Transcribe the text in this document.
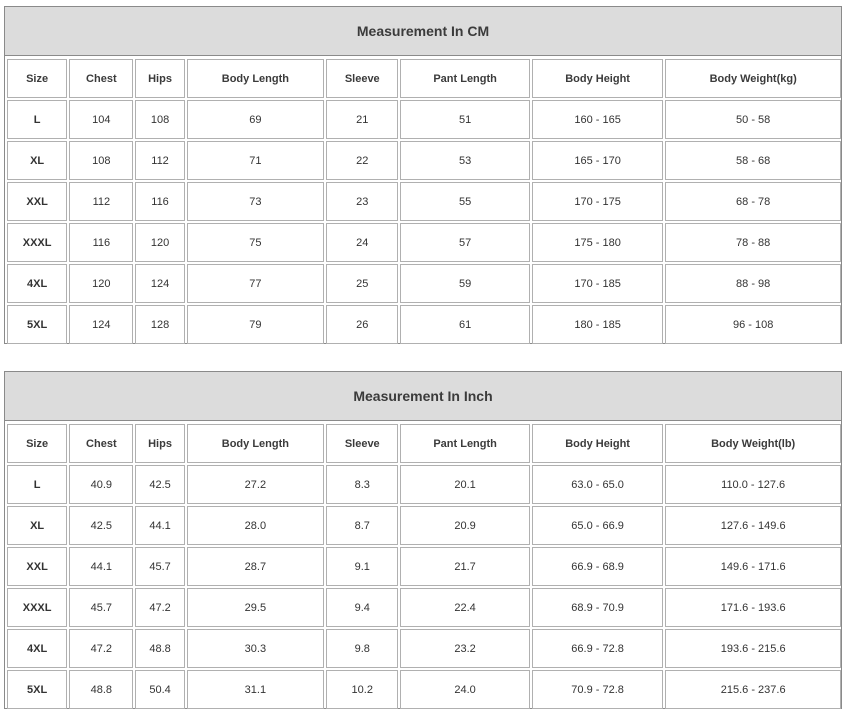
Measurement In CM
Size	Chest	Hips	Body Length	Sleeve	Pant Length	Body Height	Body Weight(kg)
L	104	108	69	21	51	160 - 165	50 - 58
XL	108	112	71	22	53	165 - 170	58 - 68
XXL	112	116	73	23	55	170 - 175	68 - 78
XXXL	116	120	75	24	57	175 - 180	78 - 88
4XL	120	124	77	25	59	170 - 185	88 - 98
5XL	124	128	79	26	61	180 - 185	96 - 108
Measurement In Inch
Size	Chest	Hips	Body Length	Sleeve	Pant Length	Body Height	Body Weight(lb)
L	40.9	42.5	27.2	8.3	20.1	63.0 - 65.0	110.0 - 127.6
XL	42.5	44.1	28.0	8.7	20.9	65.0 - 66.9	127.6 - 149.6
XXL	44.1	45.7	28.7	9.1	21.7	66.9 - 68.9	149.6 - 171.6
XXXL	45.7	47.2	29.5	9.4	22.4	68.9 - 70.9	171.6 - 193.6
4XL	47.2	48.8	30.3	9.8	23.2	66.9 - 72.8	193.6 - 215.6
5XL	48.8	50.4	31.1	10.2	24.0	70.9 - 72.8	215.6 - 237.6
